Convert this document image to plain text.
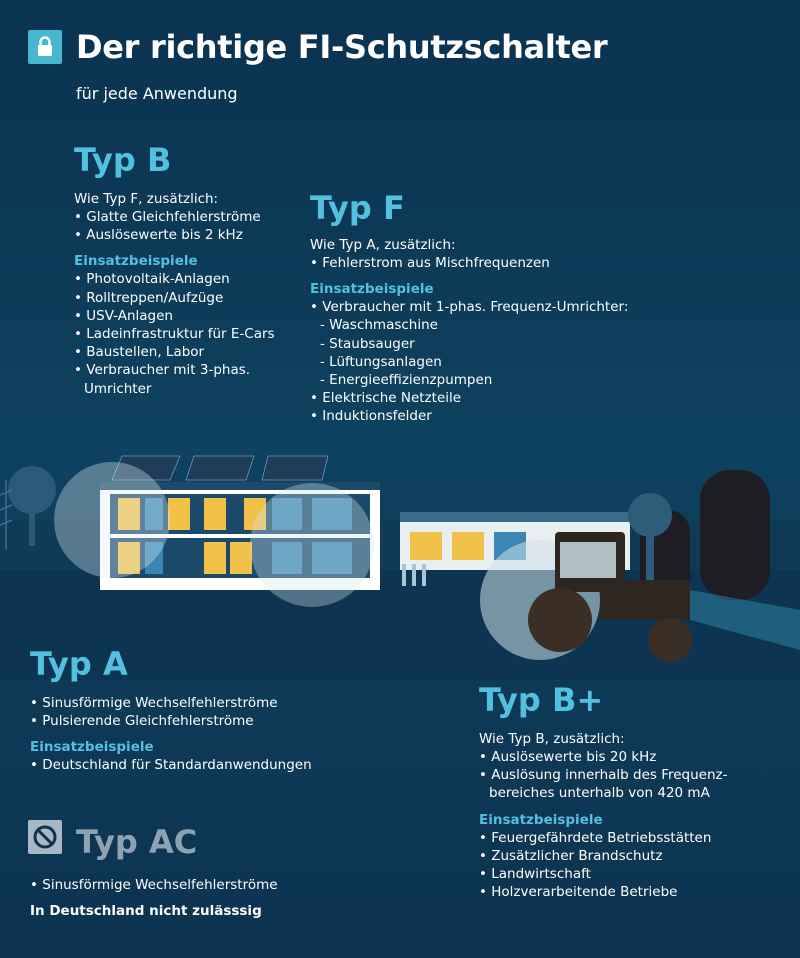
Der richtige FI-Schutzschalter

für jede Anwendung

Typ B

Wie Typ F, zusätzlich:

• Glatte Gleichfehlerströme
• Auslösewerte bis 2 kHz

Einsatzbeispiele

• Photovoltaik-Anlagen
• Rolltreppen/Aufzüge
• USV-Anlagen
• Ladeinfrastruktur für E-Cars
• Baustellen, Labor
• Verbraucher mit 3-phas.
Umrichter
Typ F

Wie Typ A, zusätzlich:

• Fehlerstrom aus Mischfrequenzen

Einsatzbeispiele

• Verbraucher mit 1-phas. Frequenz-Umrichter:
- Waschmaschine
- Staubsauger
- Lüftungsanlagen
- Energieeffizienzpumpen
• Elektrische Netzteile
• Induktionsfelder
Typ A
• Sinusförmige Wechselfehlerströme
• Pulsierende Gleichfehlerströme

Einsatzbeispiele

• Deutschland für Standardanwendungen
Typ B+

Wie Typ B, zusätzlich:

• Auslösewerte bis 20 kHz
• Auslösung innerhalb des Frequenz-
bereiches unterhalb von 420 mA

Einsatzbeispiele

• Feuergefährdete Betriebsstätten
• Zusätzlicher Brandschutz
• Landwirtschaft
• Holzverarbeitende Betriebe
Typ AC
• Sinusförmige Wechselfehlerströme

In Deutschland nicht zulässsig
